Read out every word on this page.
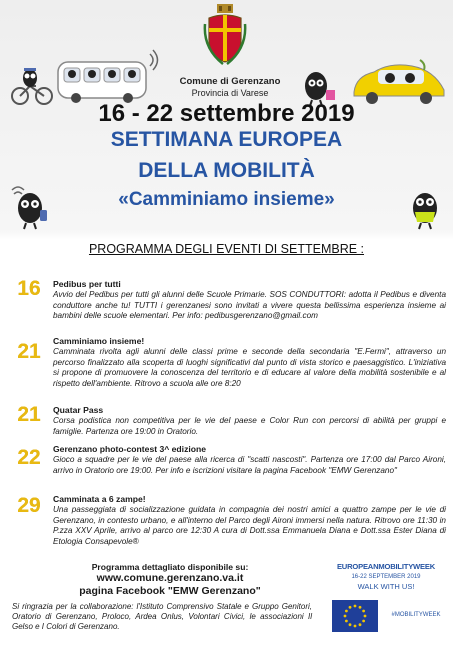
Comune di Gerenzano
Provincia di Varese
16 - 22 settembre 2019
SETTIMANA EUROPEA
DELLA MOBILITÀ
«Camminiamo insieme»
PROGRAMMA DEGLI EVENTI DI SETTEMBRE :
16	Pedibus per tutti
Avvio del Pedibus per tutti gli alunni delle Scuole Primarie. SOS CONDUTTORI: adotta il Pedibus e diventa conduttore anche tu! TUTTI i gerenzanesi sono invitati a vivere questa bellissima esperienza insieme ai bambini delle scuole elementari. Per info: pedibusgerenzano@gmail.com
21	Camminiamo insieme!
Camminata rivolta agli alunni delle classi prime e seconde della secondaria "E.Fermi", attraverso un percorso finalizzato alla scoperta di luoghi significativi dal punto di vista storico e paesaggistico. L'iniziativa si propone di promuovere la conoscenza del territorio e di educare al valore della mobilità sostenibile e al rispetto dell'ambiente. Ritrovo a scuola alle ore 8:20
21	Quatar Pass
Corsa podistica non competitiva per le vie del paese e Color Run con percorsi di abilità per gruppi e famiglie. Partenza ore 19:00 in Oratorio.
22	Gerenzano photo-contest 3^ edizione
Gioco a squadre per le vie del paese alla ricerca di "scatti nascosti". Partenza ore 17:00 dal Parco Aironi, arrivo in Oratorio ore 19:00. Per info e iscrizioni visitare la pagina Facebook "EMW Gerenzano"
29	Camminata a 6 zampe!
Una passeggiata di socializzazione guidata in compagnia dei nostri amici a quattro zampe per le vie di Gerenzano, in contesto urbano, e all'interno del Parco degli Aironi immersi nella natura. Ritrovo ore 11:30 in P.zza XXV Aprile, arrivo al parco ore 12:30 A cura di Dott.ssa Emmanuela Diana e Dott.ssa Ester Diana di Etologia Consapevole®
Programma dettagliato disponibile su:
www.comune.gerenzano.va.it
pagina Facebook "EMW Gerenzano"
Si ringrazia per la collaborazione: l'Istituto Comprensivo Statale e Gruppo Genitori, Oratorio di Gerenzano, Proloco, Ardea Onlus, Volontari Civici, le associazioni Il Gelso e I Colori di Gerenzano.
EUROPEANMOBILITYWEEK
16-22 SEPTEMBER 2019
WALK WITH US!
#MOBILITYWEEK
